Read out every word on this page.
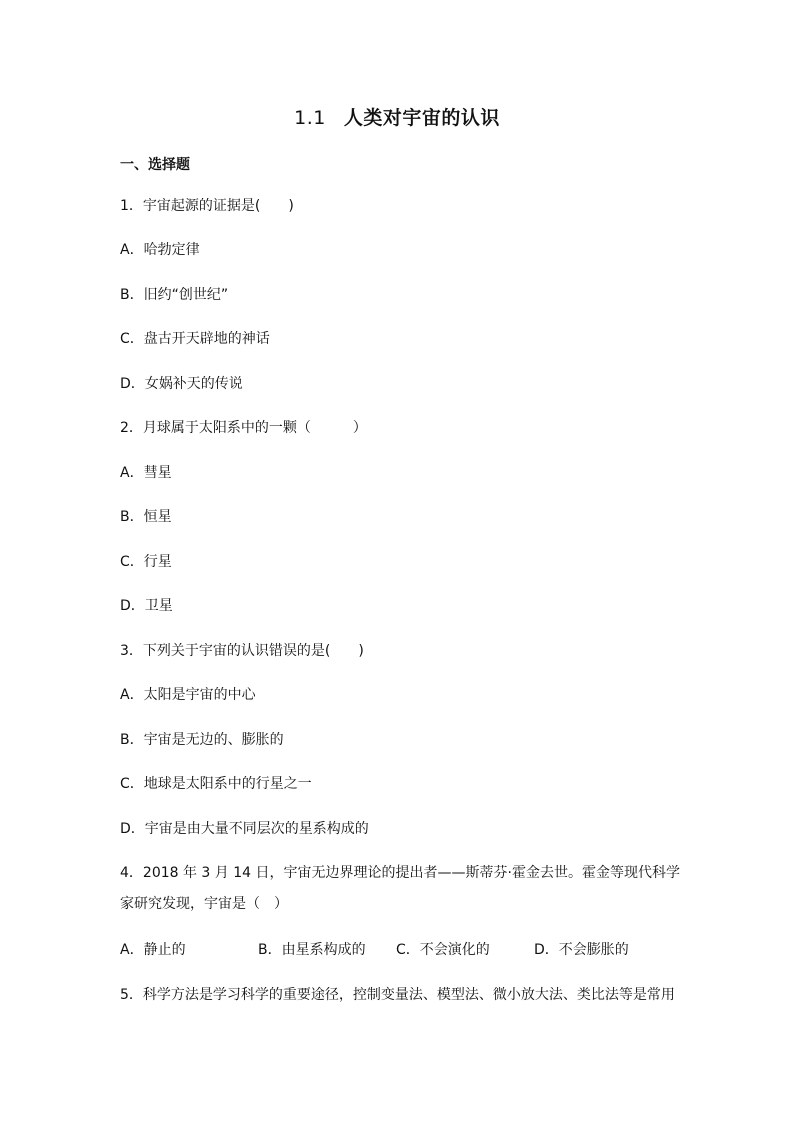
1.1 人类对宇宙的认识
一、选择题
1．宇宙起源的证据是(　　)
A．哈勃定律
B．旧约“创世纪”
C．盘古开天辟地的神话
D．女娲补天的传说
2．月球属于太阳系中的一颗（　　　）
A．彗星
B．恒星
C．行星
D．卫星
3．下列关于宇宙的认识错误的是(　　)
A．太阳是宇宙的中心
B．宇宙是无边的、膨胀的
C．地球是太阳系中的行星之一
D．宇宙是由大量不同层次的星系构成的
4．2018 年 3 月 14 日，宇宙无边界理论的提出者——斯蒂芬·霍金去世。霍金等现代科学
家研究发现，宇宙是（　）
A．静止的	B．由星系构成的 C．不会演化的	D．不会膨胀的
5．科学方法是学习科学的重要途径，控制变量法、模型法、微小放大法、类比法等是常用
